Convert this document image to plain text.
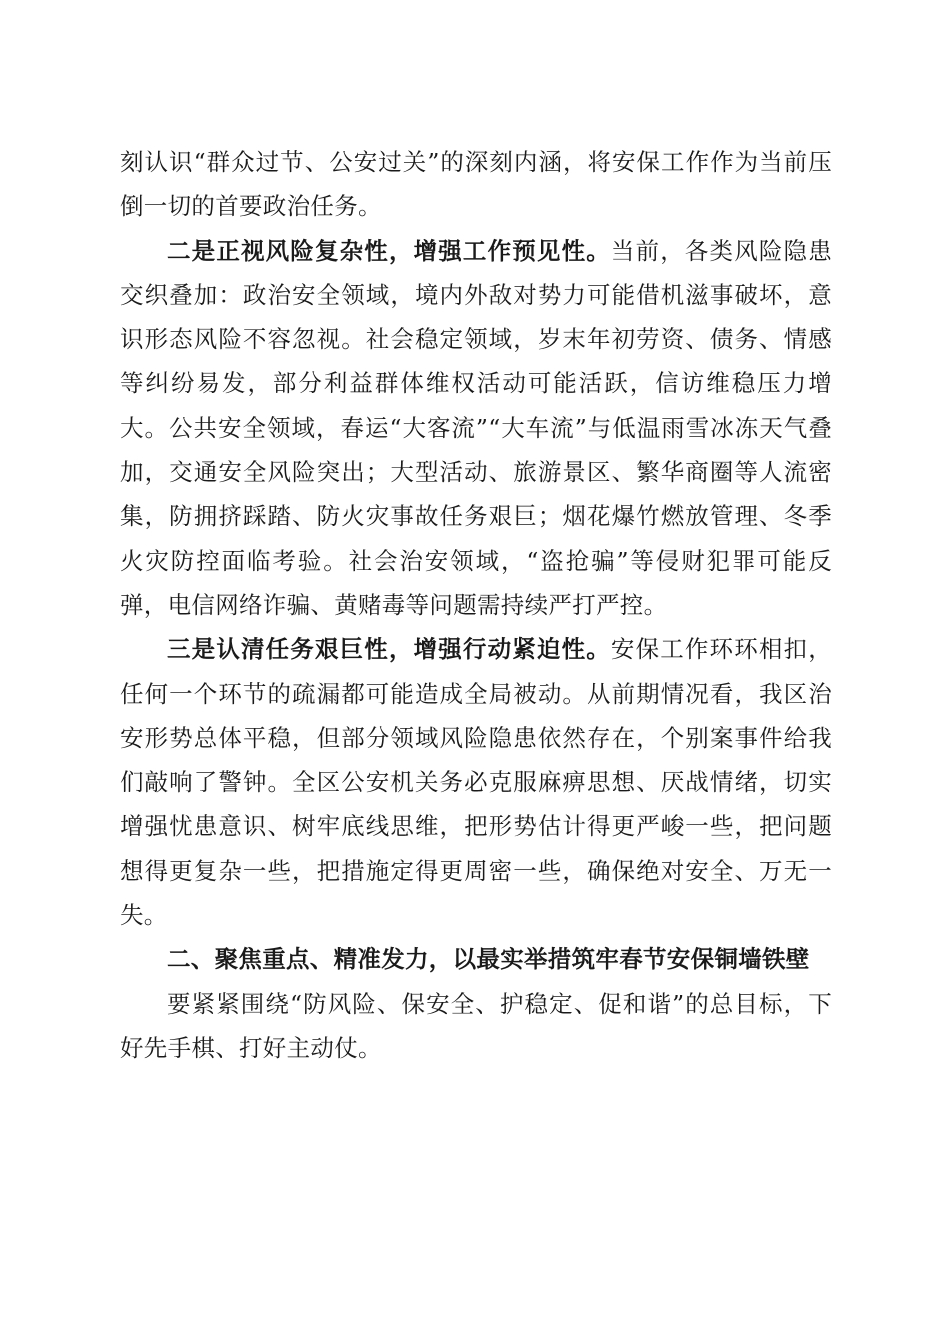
刻认识“群众过节、公安过关”的深刻内涵，将安保工作作为当前压倒一切的首要政治任务。

二是正视风险复杂性，增强工作预见性。当前，各类风险隐患交织叠加：政治安全领域，境内外敌对势力可能借机滋事破坏，意识形态风险不容忽视。社会稳定领域，岁末年初劳资、债务、情感等纠纷易发，部分利益群体维权活动可能活跃，信访维稳压力增大。公共安全领域，春运“大客流”“大车流”与低温雨雪冰冻天气叠加，交通安全风险突出；大型活动、旅游景区、繁华商圈等人流密集，防拥挤踩踏、防火灾事故任务艰巨；烟花爆竹燃放管理、冬季火灾防控面临考验。社会治安领域，“盗抢骗”等侵财犯罪可能反弹，电信网络诈骗、黄赌毒等问题需持续严打严控。

三是认清任务艰巨性，增强行动紧迫性。安保工作环环相扣，任何一个环节的疏漏都可能造成全局被动。从前期情况看，我区治安形势总体平稳，但部分领域风险隐患依然存在，个别案事件给我们敲响了警钟。全区公安机关务必克服麻痹思想、厌战情绪，切实增强忧患意识、树牢底线思维，把形势估计得更严峻一些，把问题想得更复杂一些，把措施定得更周密一些，确保绝对安全、万无一失。

二、聚焦重点、精准发力，以最实举措筑牢春节安保铜墙铁壁

要紧紧围绕“防风险、保安全、护稳定、促和谐”的总目标，下好先手棋、打好主动仗。
